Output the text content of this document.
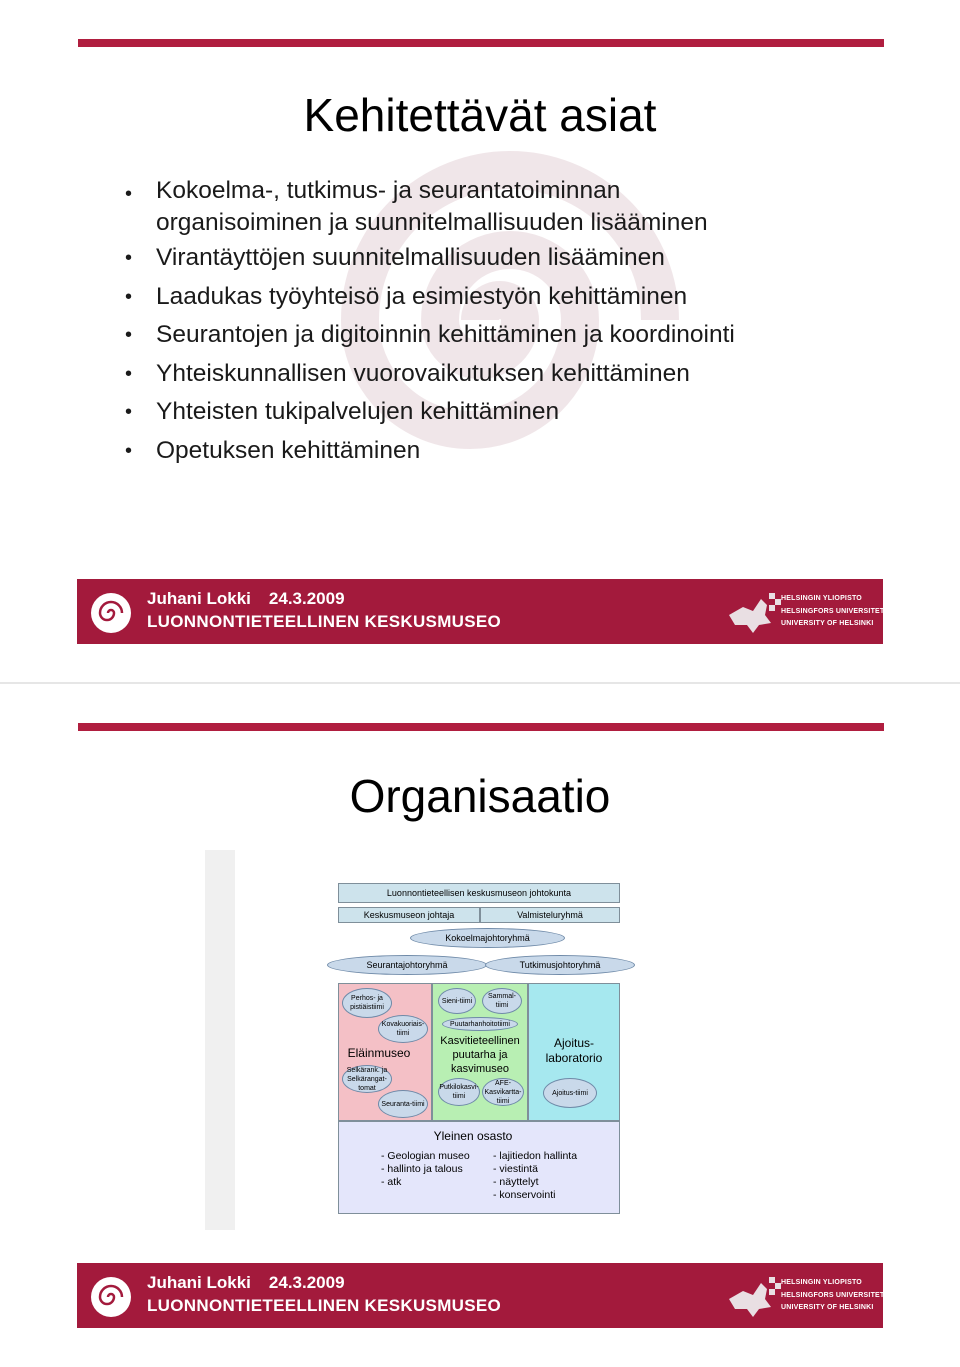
Kehitettävät asiat
• Kokoelma-, tutkimus- ja seurantatoiminnan
organisoiminen ja suunnitelmallisuuden lisääminen
• Virantäyttöjen suunnitelmallisuuden lisääminen
• Laadukas työyhteisö ja esimiestyön kehittäminen
• Seurantojen ja digitoinnin kehittäminen ja koordinointi
• Yhteiskunnallisen vuorovaikutuksen kehittäminen
• Yhteisten tukipalvelujen kehittäminen
• Opetuksen kehittäminen
Juhani Lokki 24.3.2009
LUONNONTIETEELLINEN KESKUSMUSEO
HELSINGIN YLIOPISTO
HELSINGFORS UNIVERSITET
UNIVERSITY OF HELSINKI
Organisaatio
Luonnontieteellisen keskusmuseon johtokunta
Keskusmuseon johtaja	Valmisteluryhmä
Kokoelmajohtoryhmä
Seurantajohtoryhmä	Tutkimusjohtoryhmä
Perhos- ja pistiäistiimi
Kovakuoriais-tiimi
Eläinmuseo
Selkärank. ja Selkärangat-tomat
Seuranta-tiimi
Sieni-tiimi
Sammal-tiimi
Puutarhanhoitotiimi
Kasvitieteellinen puutarha ja kasvimuseo
Putkilokasvi-tiimi
AFE-Kasvikartta-tiimi
Ajoitus-laboratorio
Ajoitus-tiimi
Yleinen osasto
- Geologian museo
- hallinto ja talous
- atk
- lajitiedon hallinta
- viestintä
- näyttelyt
- konservointi
Juhani Lokki 24.3.2009
LUONNONTIETEELLINEN KESKUSMUSEO
HELSINGIN YLIOPISTO
HELSINGFORS UNIVERSITET
UNIVERSITY OF HELSINKI
